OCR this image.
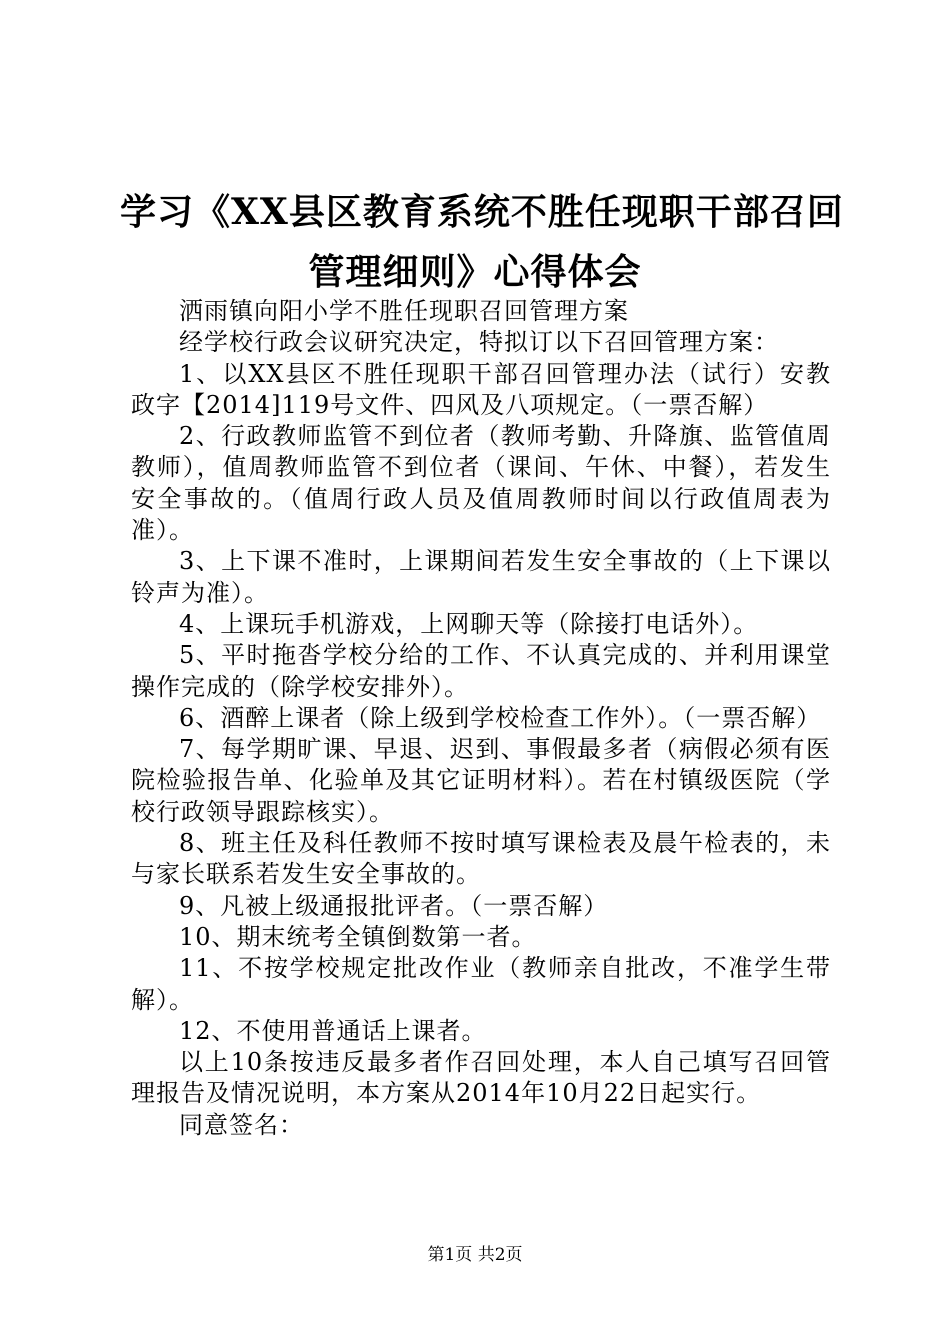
学习《XX县区教育系统不胜任现职干部召回
管理细则》心得体会

洒雨镇向阳小学不胜任现职召回管理方案

经学校行政会议研究决定，特拟订以下召回管理方案：

1、以XX县区不胜任现职干部召回管理办法（试行）安教政字【2014]119号文件、四风及八项规定。（一票否解）

2、行政教师监管不到位者（教师考勤、升降旗、监管值周教师），值周教师监管不到位者（课间、午休、中餐），若发生安全事故的。（值周行政人员及值周教师时间以行政值周表为准）。

3、上下课不准时，上课期间若发生安全事故的（上下课以铃声为准）。

4、上课玩手机游戏，上网聊天等（除接打电话外）。

5、平时拖沓学校分给的工作、不认真完成的、并利用课堂操作完成的（除学校安排外）。

6、酒醉上课者（除上级到学校检查工作外）。（一票否解）

7、每学期旷课、早退、迟到、事假最多者（病假必须有医院检验报告单、化验单及其它证明材料）。若在村镇级医院（学校行政领导跟踪核实）。

8、班主任及科任教师不按时填写课检表及晨午检表的，未与家长联系若发生安全事故的。

9、凡被上级通报批评者。（一票否解）

10、期末统考全镇倒数第一者。

11、不按学校规定批改作业（教师亲自批改，不准学生带解）。

12、不使用普通话上课者。

以上10条按违反最多者作召回处理，本人自己填写召回管理报告及情况说明，本方案从2014年10月22日起实行。

同意签名：

第1页 共2页
